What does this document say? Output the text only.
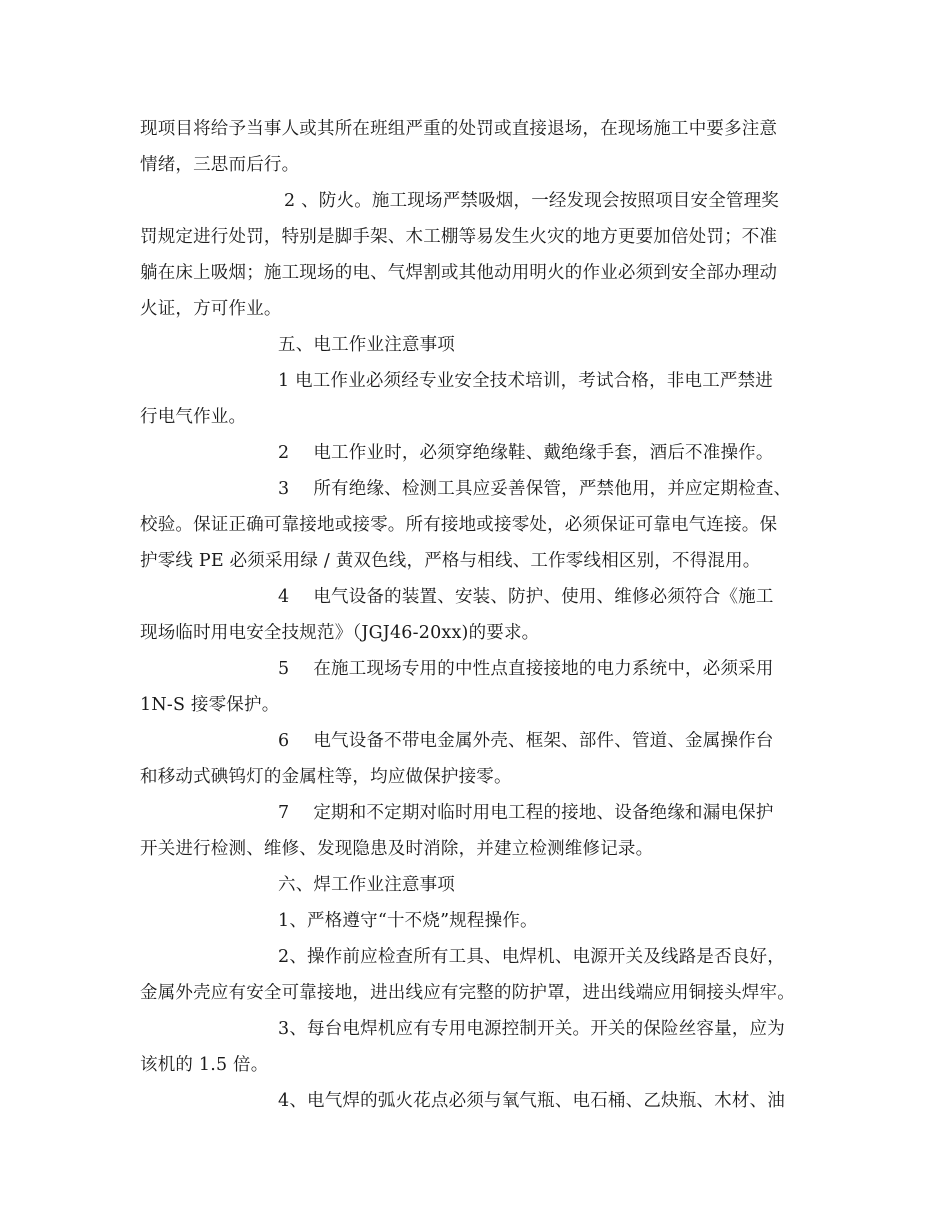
现项目将给予当事人或其所在班组严重的处罚或直接退场，在现场施工中要多注意
情绪，三思而后行。
2 、防火。施工现场严禁吸烟，一经发现会按照项目安全管理奖
罚规定进行处罚，特别是脚手架、木工棚等易发生火灾的地方更要加倍处罚；不准
躺在床上吸烟；施工现场的电、气焊割或其他动用明火的作业必须到安全部办理动
火证，方可作业。
五、电工作业注意事项
1 电工作业必须经专业安全技术培训，考试合格，非电工严禁进
行电气作业。
2 电工作业时，必须穿绝缘鞋、戴绝缘手套，酒后不准操作。
3 所有绝缘、检测工具应妥善保管，严禁他用，并应定期检查、
校验。保证正确可靠接地或接零。所有接地或接零处，必须保证可靠电气连接。保
护零线 PE 必须采用绿 / 黄双色线，严格与相线、工作零线相区别，不得混用。
4 电气设备的装置、安装、防护、使用、维修必须符合《施工
现场临时用电安全技规范》（JGJ46-20xx)的要求。
5 在施工现场专用的中性点直接接地的电力系统中，必须采用
1N-S 接零保护。
6 电气设备不带电金属外壳、框架、部件、管道、金属操作台
和移动式碘钨灯的金属柱等，均应做保护接零。
7 定期和不定期对临时用电工程的接地、设备绝缘和漏电保护
开关进行检测、维修、发现隐患及时消除，并建立检测维修记录。
六、焊工作业注意事项
1、严格遵守“十不烧”规程操作。
2、操作前应检查所有工具、电焊机、电源开关及线路是否良好，
金属外壳应有安全可靠接地，进出线应有完整的防护罩，进出线端应用铜接头焊牢。
3、每台电焊机应有专用电源控制开关。开关的保险丝容量，应为
该机的 1.5 倍。
4、电气焊的弧火花点必须与氧气瓶、电石桶、乙炔瓶、木材、油
